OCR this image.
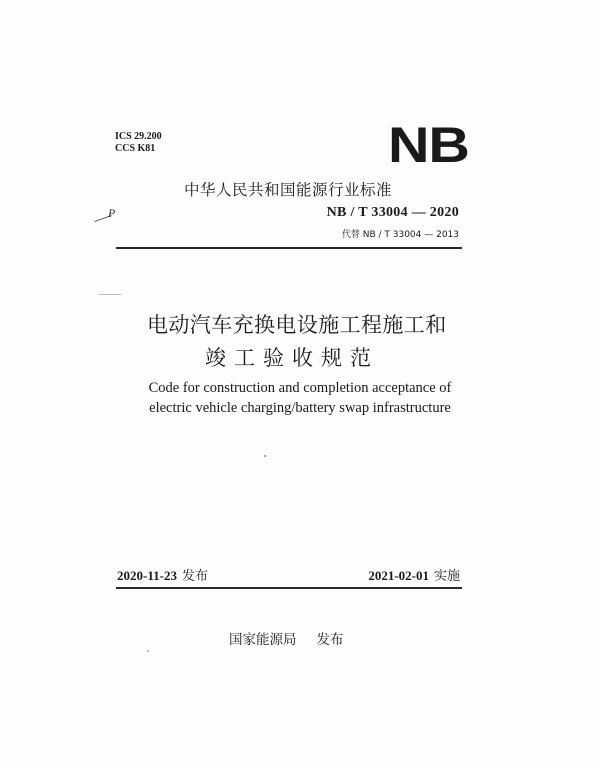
ICS 29.200
CCS K81	NB
中华人民共和国能源行业标准
P	NB / T 33004 — 2020
代替 NB / T 33004 — 2013
电动汽车充换电设施工程施工和
竣工验收规范
Code for construction and completion acceptance of
electric vehicle charging/battery swap infrastructure
2020-11-23 发布	2021-02-01 实施
国家能源局 发布
